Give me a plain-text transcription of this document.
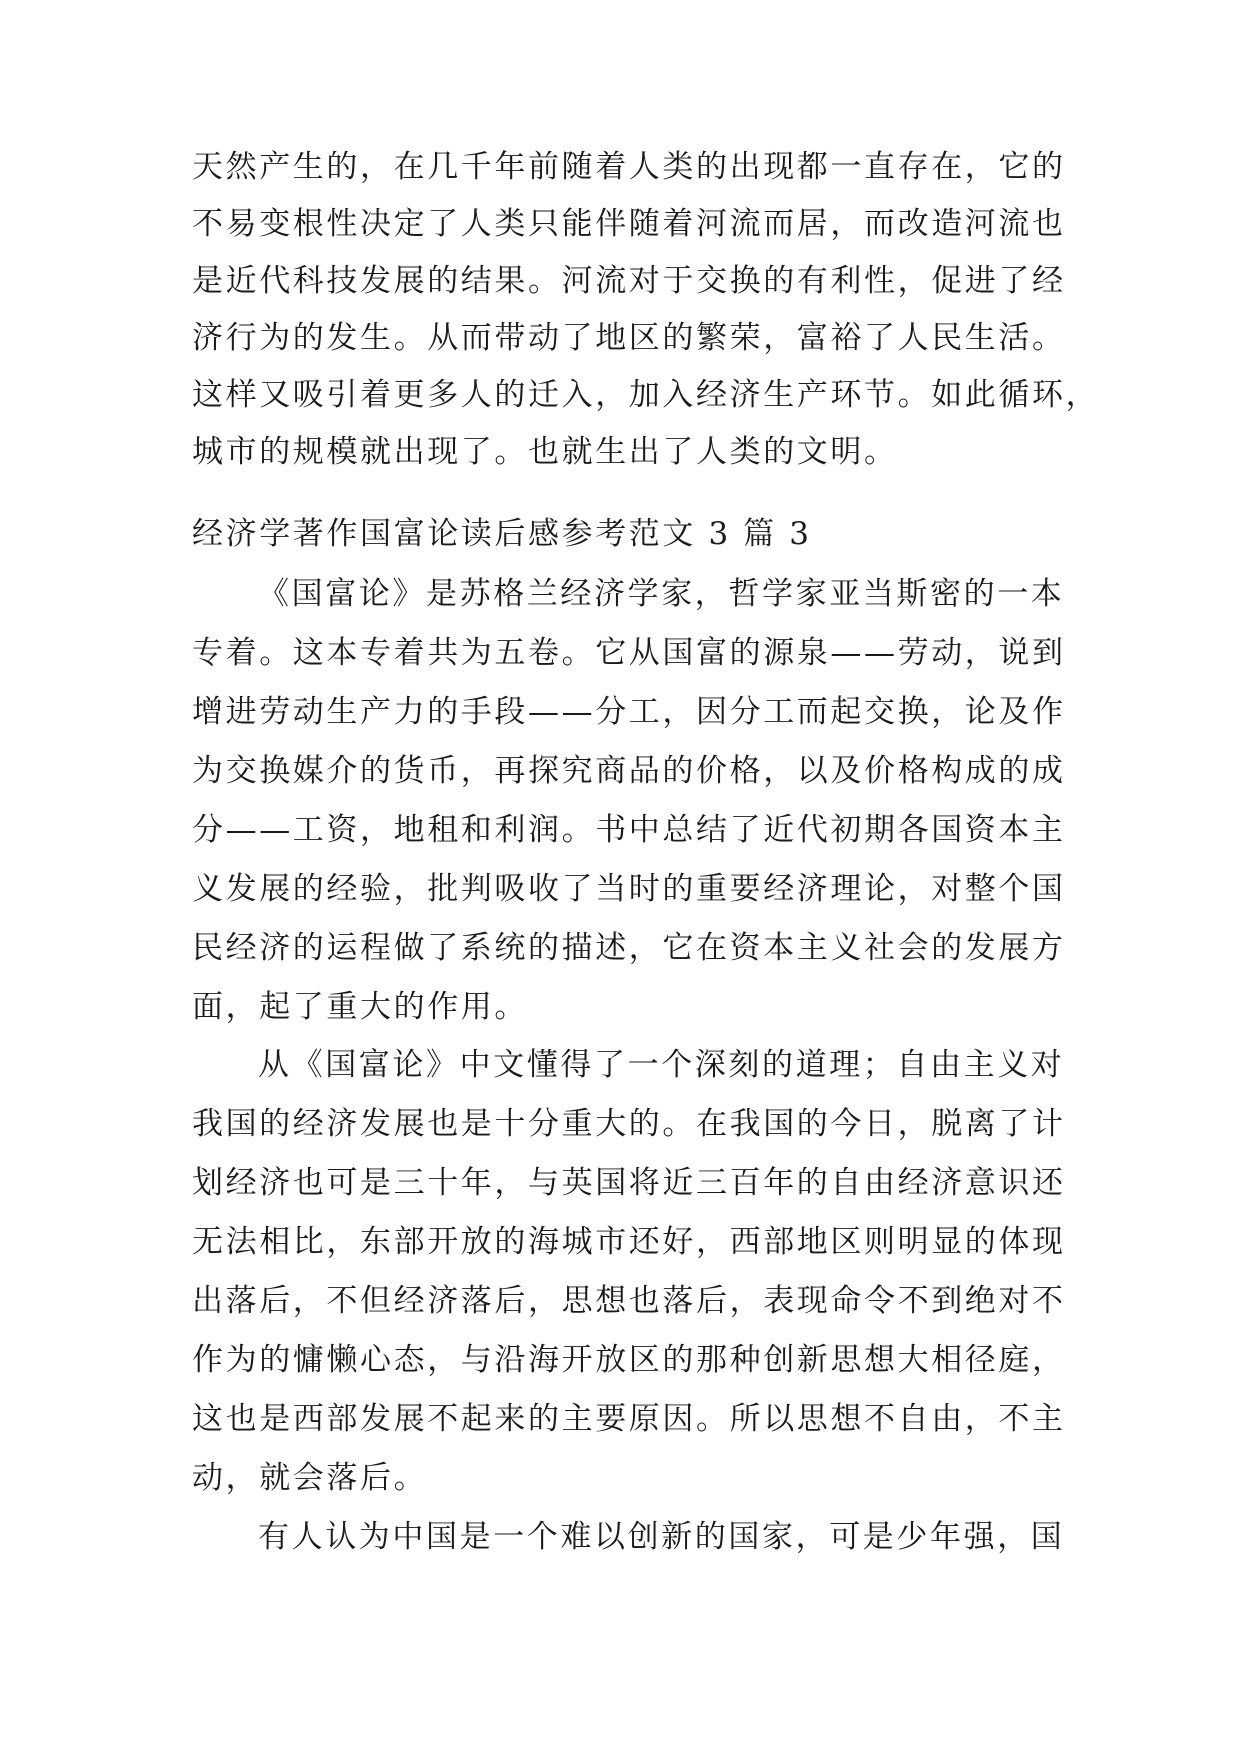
天然产生的，在几千年前随着人类的出现都一直存在，它的
不易变根性决定了人类只能伴随着河流而居，而改造河流也
是近代科技发展的结果。河流对于交换的有利性，促进了经
济行为的发生。从而带动了地区的繁荣，富裕了人民生活。
这样又吸引着更多人的迁入，加入经济生产环节。如此循环，
城市的规模就出现了。也就生出了人类的文明。
经济学著作国富论读后感参考范文 3 篇 3
《国富论》是苏格兰经济学家，哲学家亚当斯密的一本
专着。这本专着共为五卷。它从国富的源泉——劳动，说到
增进劳动生产力的手段——分工，因分工而起交换，论及作
为交换媒介的货币，再探究商品的价格，以及价格构成的成
分——工资，地租和利润。书中总结了近代初期各国资本主
义发展的经验，批判吸收了当时的重要经济理论，对整个国
民经济的运程做了系统的描述，它在资本主义社会的发展方
面，起了重大的作用。
从《国富论》中文懂得了一个深刻的道理；自由主义对
我国的经济发展也是十分重大的。在我国的今日，脱离了计
划经济也可是三十年，与英国将近三百年的自由经济意识还
无法相比，东部开放的海城市还好，西部地区则明显的体现
出落后，不但经济落后，思想也落后，表现命令不到绝对不
作为的慵懒心态，与沿海开放区的那种创新思想大相径庭，
这也是西部发展不起来的主要原因。所以思想不自由，不主
动，就会落后。
有人认为中国是一个难以创新的国家，可是少年强，国
